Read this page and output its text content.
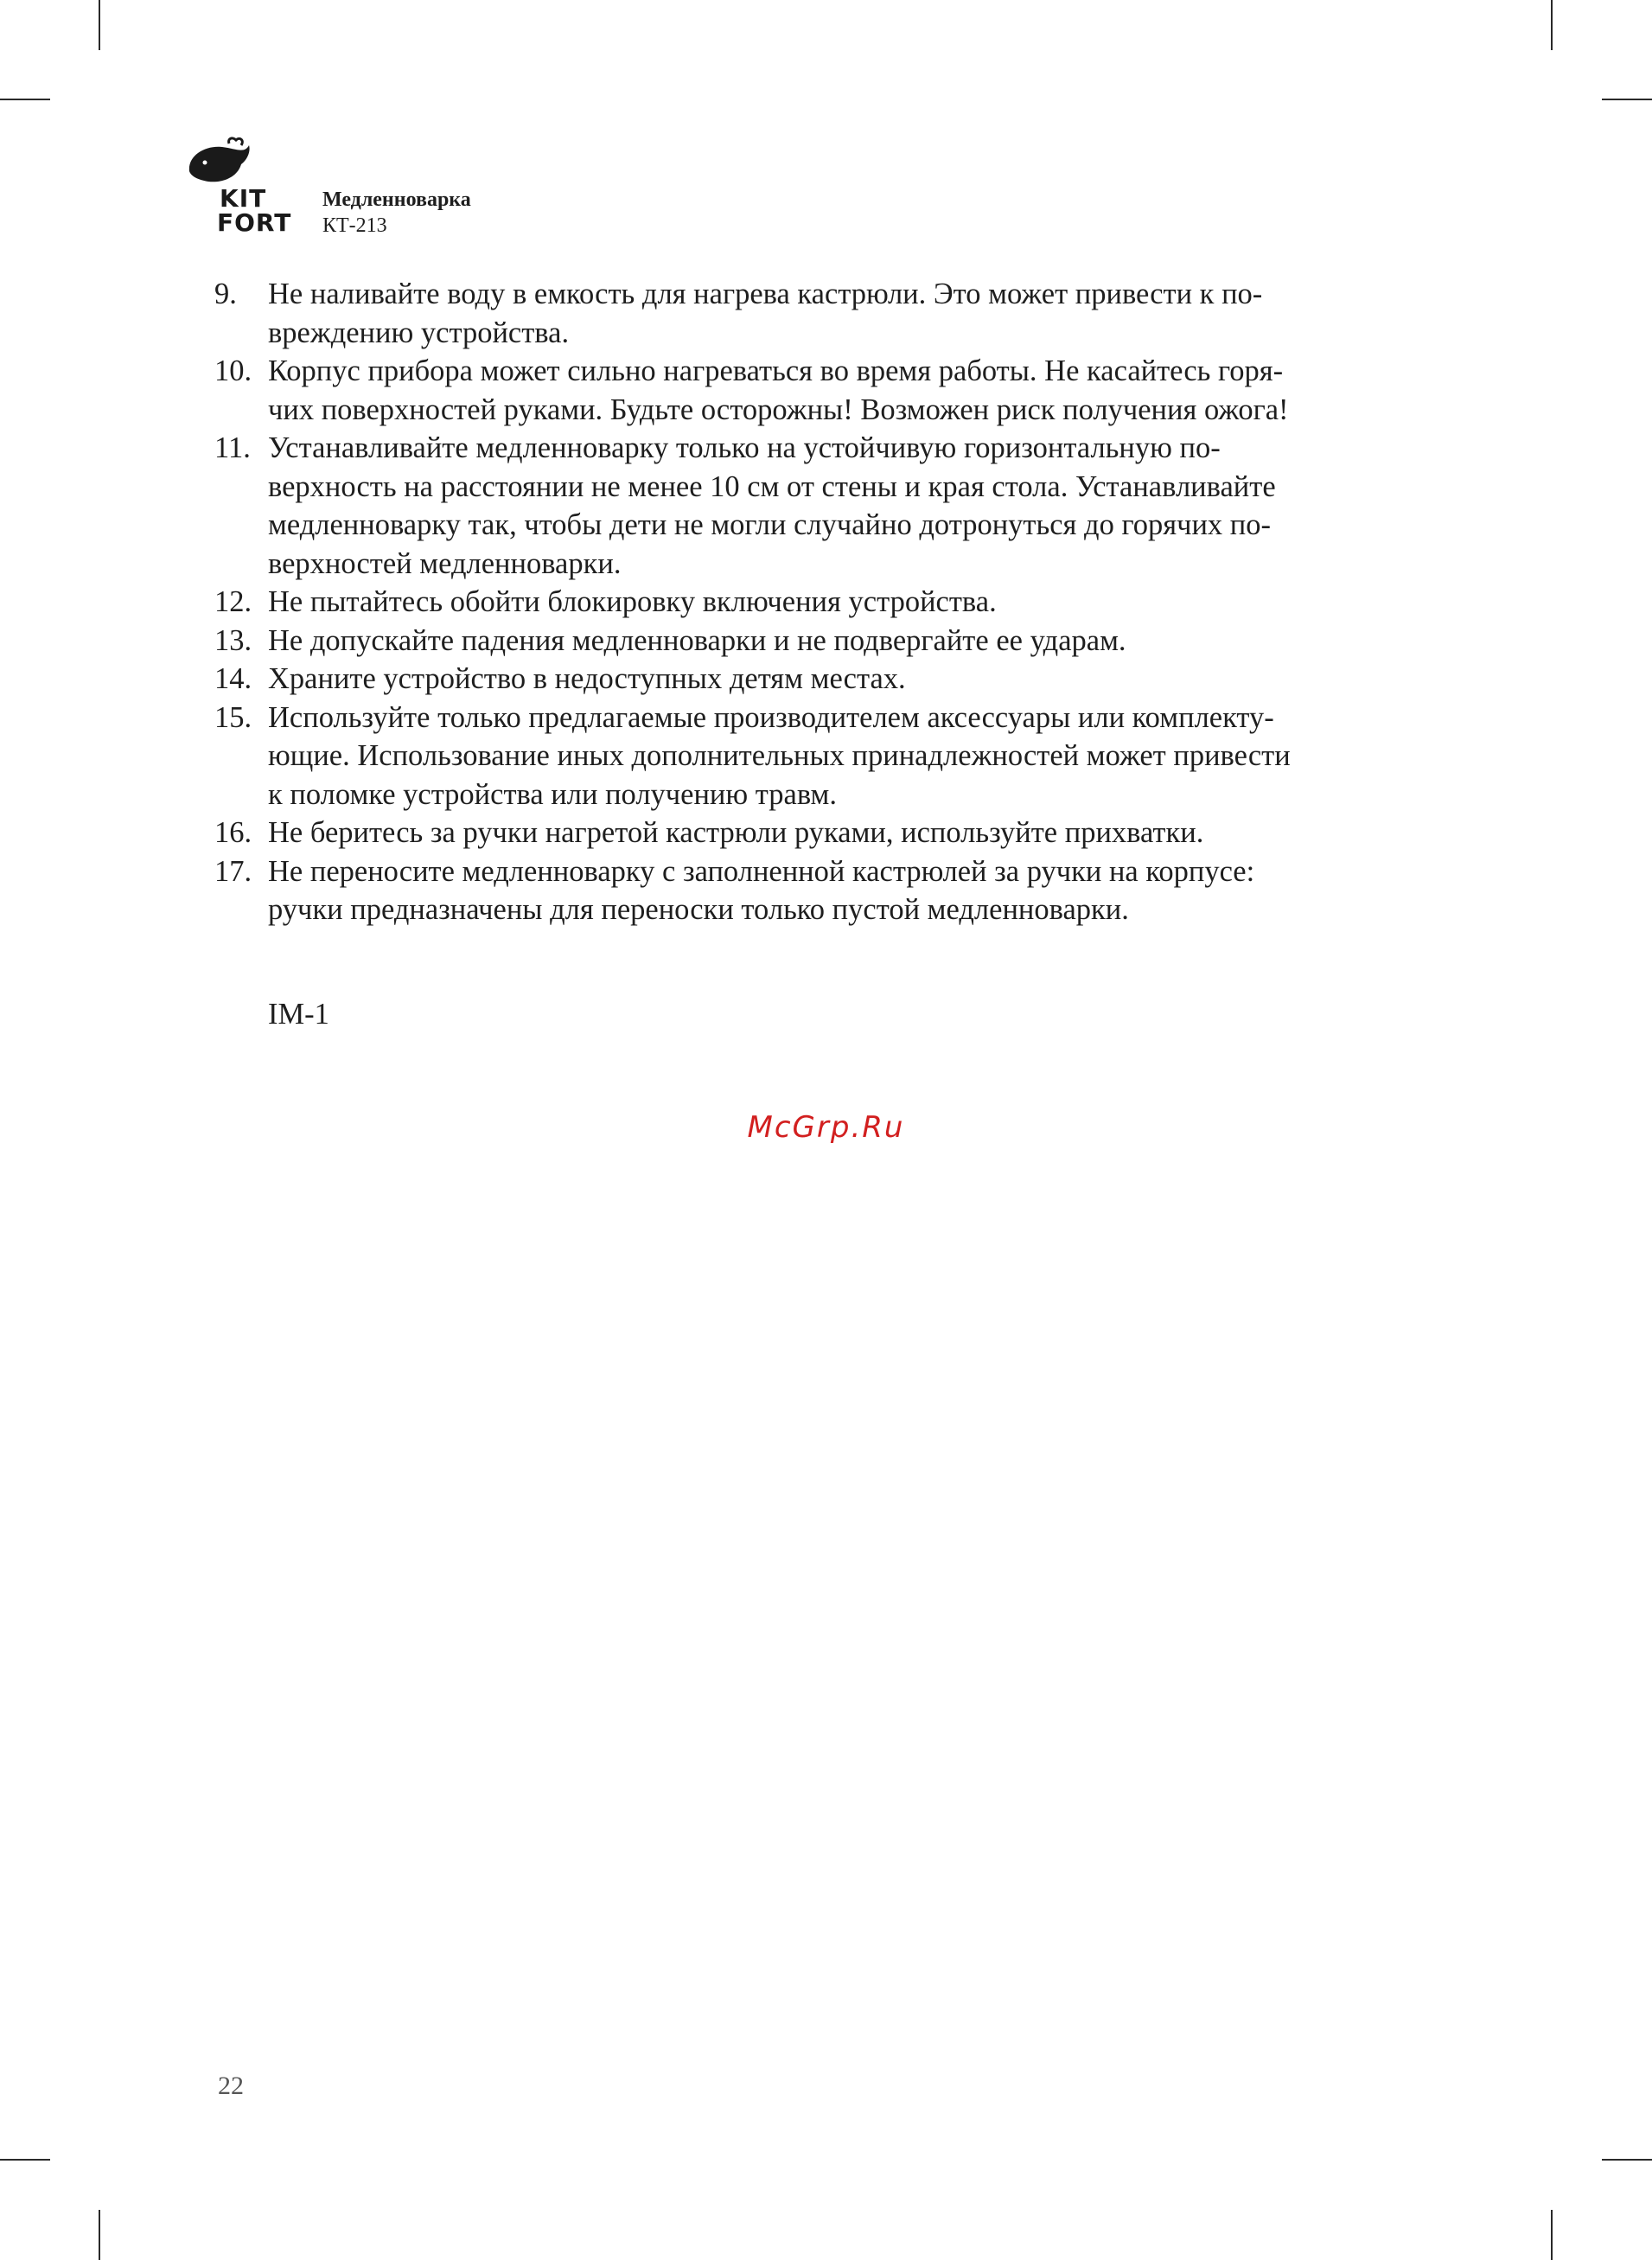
KIT
FORT
Медленноварка
КТ-213
9.	Не наливайте воду в емкость для нагрева кастрюли. Это может привести к по-
вреждению устройства.
10. Корпус прибора может сильно нагреваться во время работы. Не касайтесь горя-
чих поверхностей руками. Будьте осторожны! Возможен риск получения ожога!
11. Устанавливайте медленноварку только на устойчивую горизонтальную по-
верхность на расстоянии не менее 10 см от стены и края стола. Устанавливайте
медленноварку так, чтобы дети не могли случайно дотронуться до горячих по-
верхностей медленноварки.
12. Не пытайтесь обойти блокировку включения устройства.
13. Не допускайте падения медленноварки и не подвергайте ее ударам.
14. Храните устройство в недоступных детям местах.
15. Используйте только предлагаемые производителем аксессуары или комплекту-
ющие. Использование иных дополнительных принадлежностей может привести
к поломке устройства или получению травм.
16. Не беритесь за ручки нагретой кастрюли руками, используйте прихватки.
17. Не переносите медленноварку с заполненной кастрюлей за ручки на корпусе:
ручки предназначены для переноски только пустой медленноварки.
IM-1
McGrp.Ru
22
